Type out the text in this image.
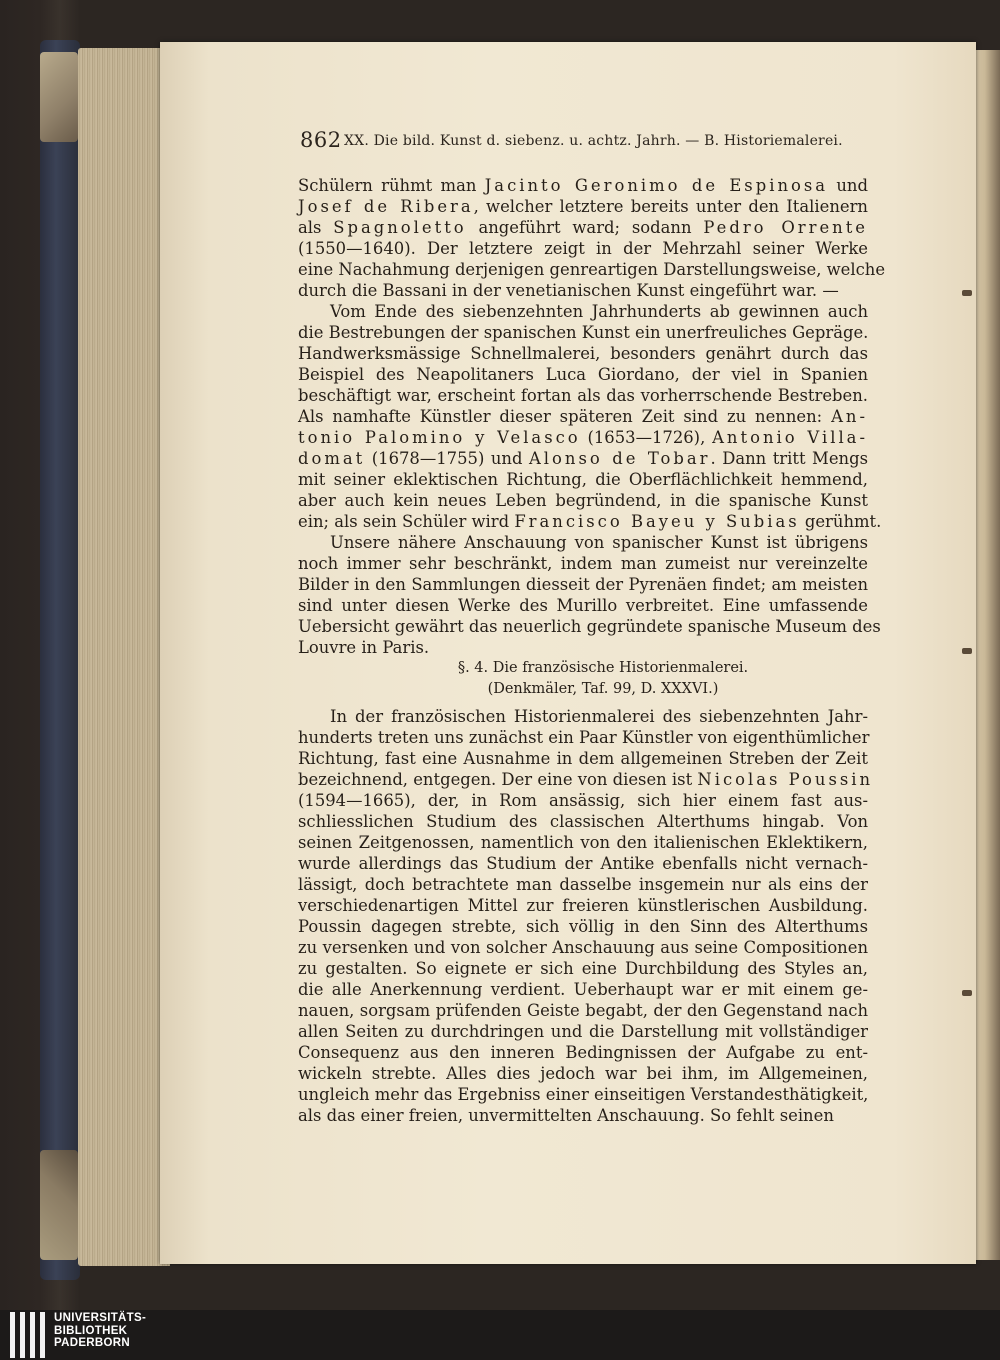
862 XX. Die bild. Kunst d. siebenz. u. achtz. Jahrh. — B. Historiemalerei.
Schülern rühmt man Jacinto Geronimo de Espinosa und
Josef de Ribera, welcher letztere bereits unter den Italienern
als Spagnoletto angeführt ward; sodann Pedro Orrente
(1550—1640). Der letztere zeigt in der Mehrzahl seiner Werke
eine Nachahmung derjenigen genreartigen Darstellungsweise, welche
durch die Bassani in der venetianischen Kunst eingeführt war. —
Vom Ende des siebenzehnten Jahrhunderts ab gewinnen auch
die Bestrebungen der spanischen Kunst ein unerfreuliches Gepräge.
Handwerksmässige Schnellmalerei, besonders genährt durch das
Beispiel des Neapolitaners Luca Giordano, der viel in Spanien
beschäftigt war, erscheint fortan als das vorherrschende Bestreben.
Als namhafte Künstler dieser späteren Zeit sind zu nennen: An-
tonio Palomino y Velasco (1653—1726), Antonio Villa-
domat (1678—1755) und Alonso de Tobar. Dann tritt Mengs
mit seiner eklektischen Richtung, die Oberflächlichkeit hemmend,
aber auch kein neues Leben begründend, in die spanische Kunst
ein; als sein Schüler wird Francisco Bayeu y Subias gerühmt.
Unsere nähere Anschauung von spanischer Kunst ist übrigens
noch immer sehr beschränkt, indem man zumeist nur vereinzelte
Bilder in den Sammlungen diesseit der Pyrenäen findet; am meisten
sind unter diesen Werke des Murillo verbreitet. Eine umfassende
Uebersicht gewährt das neuerlich gegründete spanische Museum des
Louvre in Paris.
§. 4. Die französische Historienmalerei.
(Denkmäler, Taf. 99, D. XXXVI.)
In der französischen Historienmalerei des siebenzehnten Jahr-
hunderts treten uns zunächst ein Paar Künstler von eigenthümlicher
Richtung, fast eine Ausnahme in dem allgemeinen Streben der Zeit
bezeichnend, entgegen. Der eine von diesen ist Nicolas Poussin
(1594—1665), der, in Rom ansässig, sich hier einem fast aus-
schliesslichen Studium des classischen Alterthums hingab. Von
seinen Zeitgenossen, namentlich von den italienischen Eklektikern,
wurde allerdings das Studium der Antike ebenfalls nicht vernach-
lässigt, doch betrachtete man dasselbe insgemein nur als eins der
verschiedenartigen Mittel zur freieren künstlerischen Ausbildung.
Poussin dagegen strebte, sich völlig in den Sinn des Alterthums
zu versenken und von solcher Anschauung aus seine Compositionen
zu gestalten. So eignete er sich eine Durchbildung des Styles an,
die alle Anerkennung verdient. Ueberhaupt war er mit einem ge-
nauen, sorgsam prüfenden Geiste begabt, der den Gegenstand nach
allen Seiten zu durchdringen und die Darstellung mit vollständiger
Consequenz aus den inneren Bedingnissen der Aufgabe zu ent-
wickeln strebte. Alles dies jedoch war bei ihm, im Allgemeinen,
ungleich mehr das Ergebniss einer einseitigen Verstandesthätigkeit,
als das einer freien, unvermittelten Anschauung. So fehlt seinen
UNIVERSITÄTS-
BIBLIOTHEK
PADERBORN
